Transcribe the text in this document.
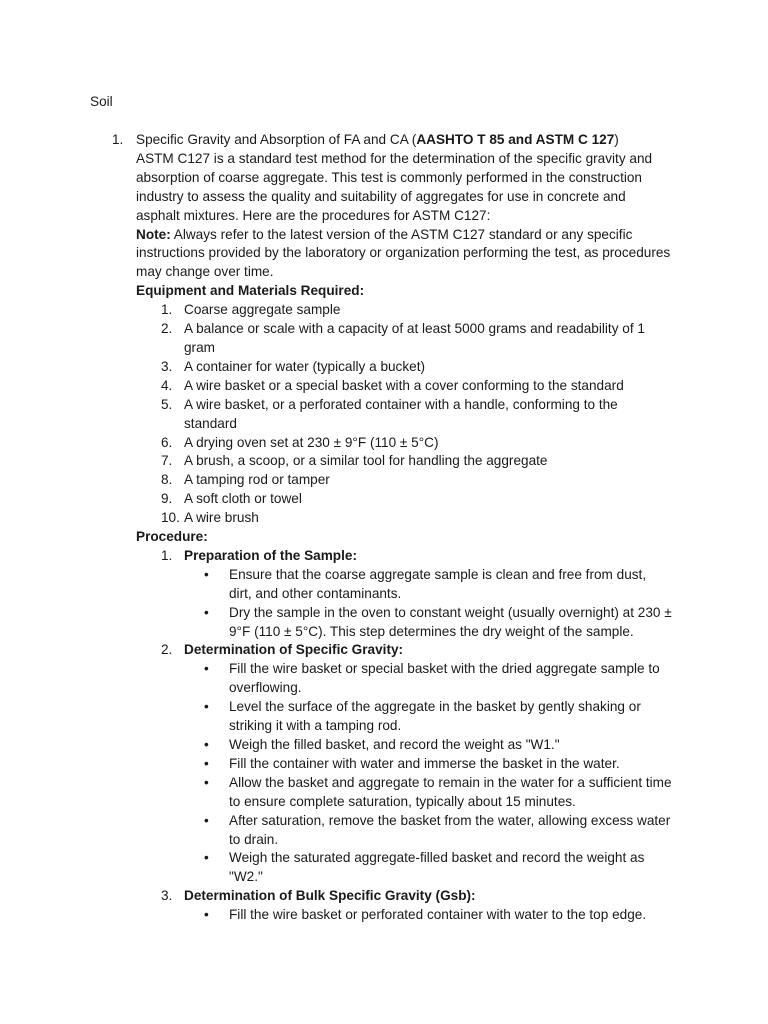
Soil
1. Specific Gravity and Absorption of FA and CA (AASHTO T 85 and ASTM C 127)

ASTM C127 is a standard test method for the determination of the specific gravity and absorption of coarse aggregate. This test is commonly performed in the construction industry to assess the quality and suitability of aggregates for use in concrete and asphalt mixtures. Here are the procedures for ASTM C127:

Note: Always refer to the latest version of the ASTM C127 standard or any specific instructions provided by the laboratory or organization performing the test, as procedures may change over time.

Equipment and Materials Required:

1. Coarse aggregate sample
2. A balance or scale with a capacity of at least 5000 grams and readability of 1 gram
3. A container for water (typically a bucket)
4. A wire basket or a special basket with a cover conforming to the standard
5. A wire basket, or a perforated container with a handle, conforming to the standard
6. A drying oven set at 230 ± 9°F (110 ± 5°C)
7. A brush, a scoop, or a similar tool for handling the aggregate
8. A tamping rod or tamper
9. A soft cloth or towel
10. A wire brush

Procedure:

1. Preparation of the Sample:
• Ensure that the coarse aggregate sample is clean and free from dust, dirt, and other contaminants.
• Dry the sample in the oven to constant weight (usually overnight) at 230 ± 9°F (110 ± 5°C). This step determines the dry weight of the sample.
2. Determination of Specific Gravity:
• Fill the wire basket or special basket with the dried aggregate sample to overflowing.
• Level the surface of the aggregate in the basket by gently shaking or striking it with a tamping rod.
• Weigh the filled basket, and record the weight as "W1."
• Fill the container with water and immerse the basket in the water.
• Allow the basket and aggregate to remain in the water for a sufficient time to ensure complete saturation, typically about 15 minutes.
• After saturation, remove the basket from the water, allowing excess water to drain.
• Weigh the saturated aggregate-filled basket and record the weight as "W2."
3. Determination of Bulk Specific Gravity (Gsb):
• Fill the wire basket or perforated container with water to the top edge.
